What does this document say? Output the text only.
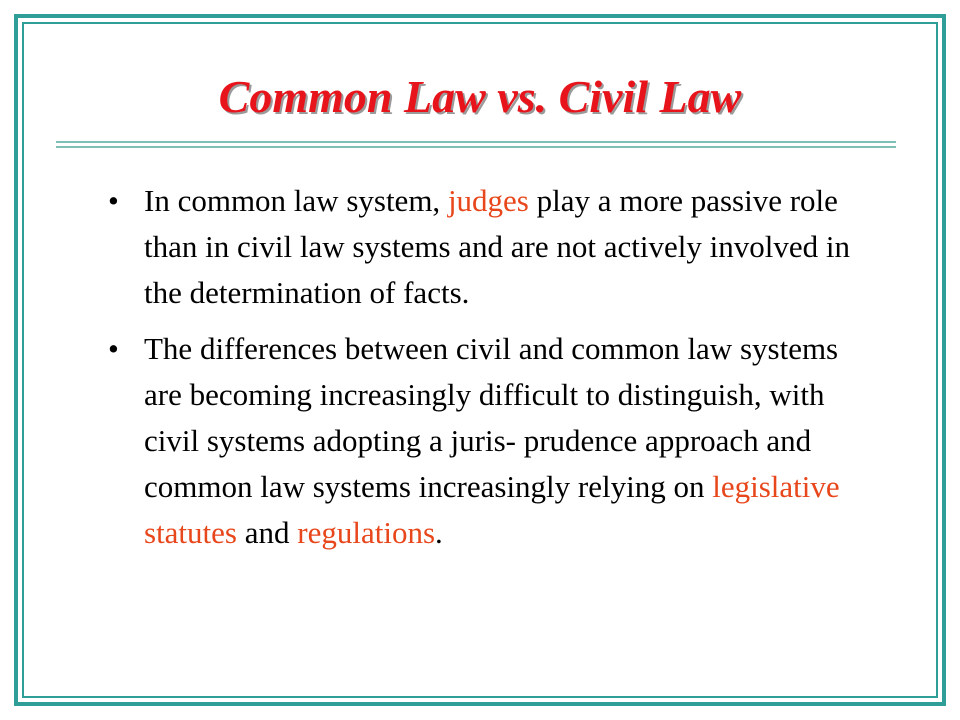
Common Law vs. Civil Law
• In common law system, judges play a more passive role than in civil law systems and are not actively involved in the determination of facts.
• The differences between civil and common law systems are becoming increasingly difficult to distinguish, with civil systems adopting a juris- prudence approach and common law systems increasingly relying on legislative statutes and regulations.
